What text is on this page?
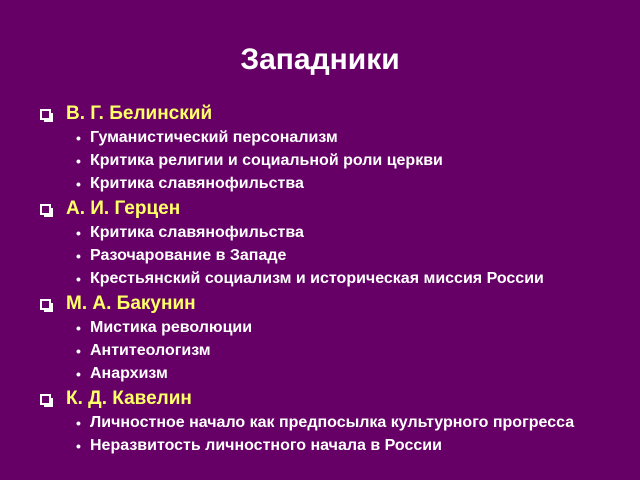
Западники
В. Г. Белинский
• Гуманистический персонализм
• Критика религии и социальной роли церкви
• Критика славянофильства
А. И. Герцен
• Критика славянофильства
• Разочарование в Западе
• Крестьянский социализм и историческая миссия России
М. А. Бакунин
• Мистика революции
• Антитеологизм
• Анархизм
К. Д. Кавелин
• Личностное начало как предпосылка культурного прогресса
• Неразвитость личностного начала в России
